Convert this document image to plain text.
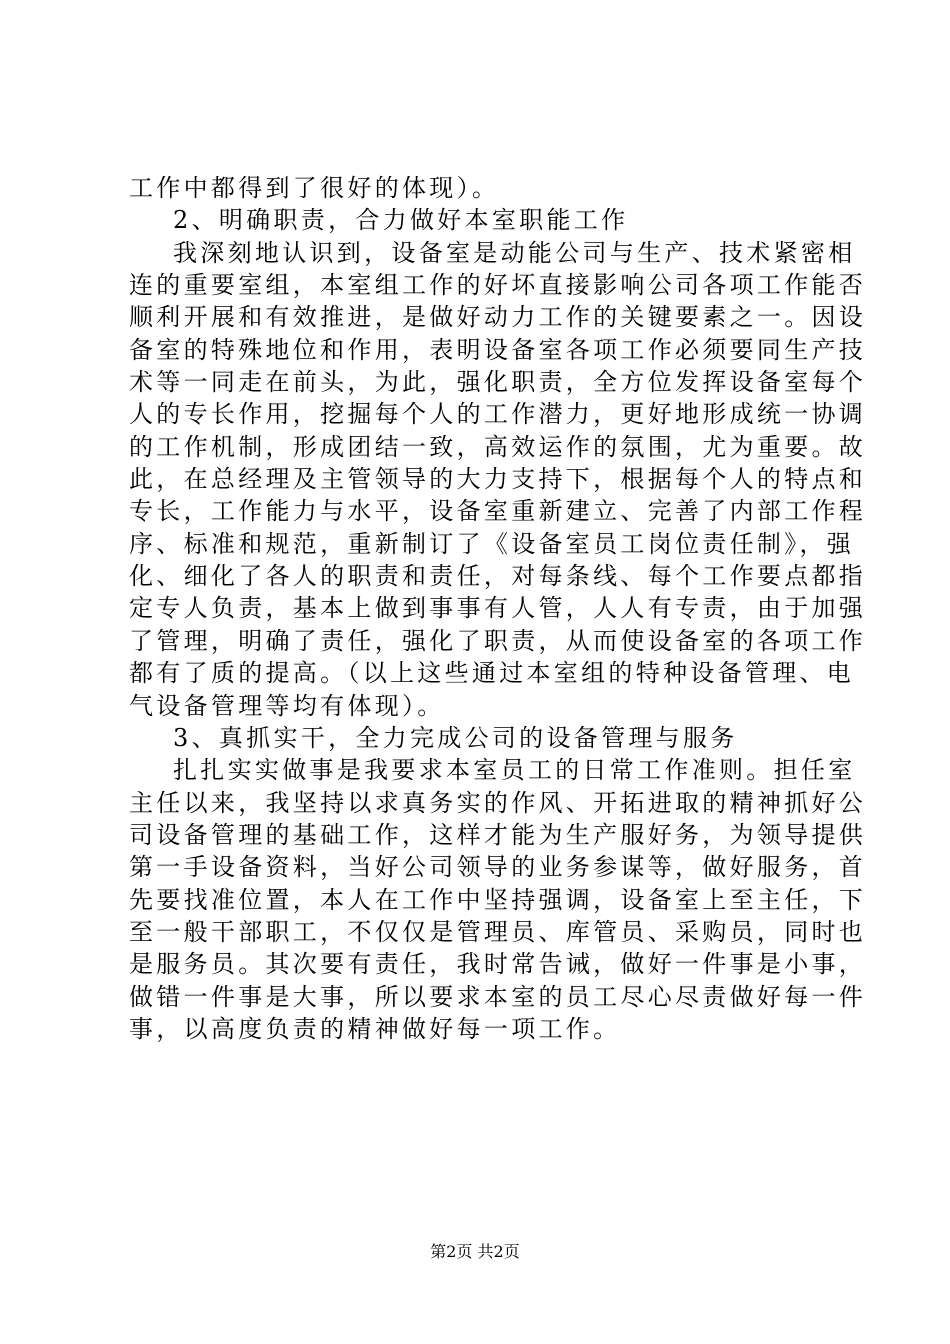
工作中都得到了很好的体现）。
2、明确职责，合力做好本室职能工作
我深刻地认识到，设备室是动能公司与生产、技术紧密相
连的重要室组，本室组工作的好坏直接影响公司各项工作能否
顺利开展和有效推进，是做好动力工作的关键要素之一。因设
备室的特殊地位和作用，表明设备室各项工作必须要同生产技
术等一同走在前头，为此，强化职责，全方位发挥设备室每个
人的专长作用，挖掘每个人的工作潜力，更好地形成统一协调
的工作机制，形成团结一致，高效运作的氛围，尤为重要。故
此，在总经理及主管领导的大力支持下，根据每个人的特点和
专长，工作能力与水平，设备室重新建立、完善了内部工作程
序、标准和规范，重新制订了《设备室员工岗位责任制》，强
化、细化了各人的职责和责任，对每条线、每个工作要点都指
定专人负责，基本上做到事事有人管，人人有专责，由于加强
了管理，明确了责任，强化了职责，从而使设备室的各项工作
都有了质的提高。（以上这些通过本室组的特种设备管理、电
气设备管理等均有体现）。
3、真抓实干，全力完成公司的设备管理与服务
扎扎实实做事是我要求本室员工的日常工作准则。担任室
主任以来，我坚持以求真务实的作风、开拓进取的精神抓好公
司设备管理的基础工作，这样才能为生产服好务，为领导提供
第一手设备资料，当好公司领导的业务参谋等，做好服务，首
先要找准位置，本人在工作中坚持强调，设备室上至主任，下
至一般干部职工，不仅仅是管理员、库管员、采购员，同时也
是服务员。其次要有责任，我时常告诫，做好一件事是小事，
做错一件事是大事，所以要求本室的员工尽心尽责做好每一件
事，以高度负责的精神做好每一项工作。
第2页 共2页
